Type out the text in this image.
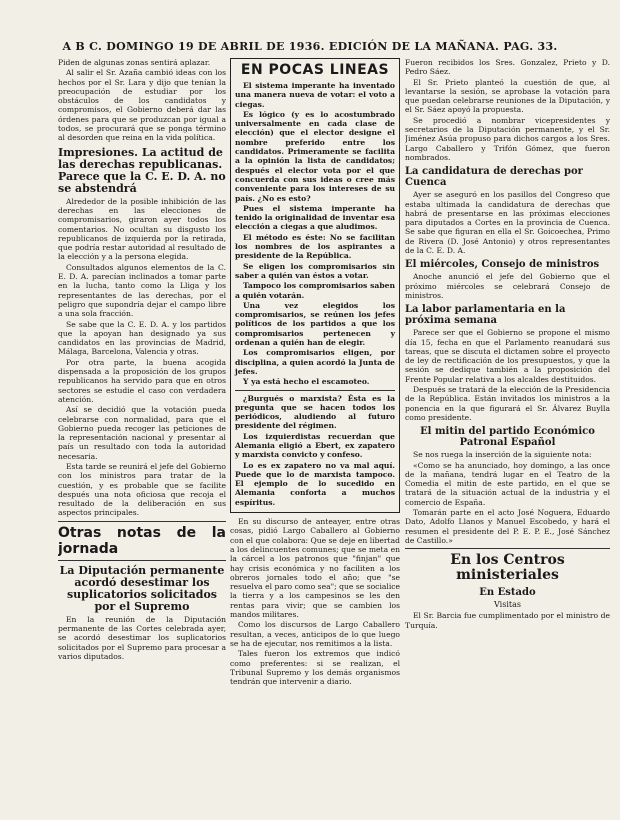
A B C. DOMINGO 19 DE ABRIL DE 1936. EDICIÓN DE LA MAÑANA. PAG. 33.

Piden de algunas zonas sentirá aplazar.

Al salir el Sr. Azaña cambió ideas con los hechos por el Sr. Lara y dijo que tenían la preocupación de estudiar por los obstáculos de los candidatos y compromisos, el Gobierno deberá dar las órdenes para que se produzcan por igual a todos, se procurará que se ponga término al desorden que reina en la vida política.

Impresiones. La actitud de las derechas republicanas. Parece que la C. E. D. A. no se abstendrá

Alrededor de la posible inhibición de las derechas en las elecciones de compromisarios, giraron ayer todos los comentarios. No ocultan su disgusto los republicanos de izquierda por la retirada, que podría restar autoridad al resultado de la elección y a la persona elegida.

Consultados algunos elementos de la C. E. D. A. parecían inclinados a tomar parte en la lucha, tanto como la Lliga y los representantes de las derechas, por el peligro que supondría dejar el campo libre a una sola fracción.

Se sabe que la C. E. D. A. y los partidos que la apoyan han designado ya sus candidatos en las provincias de Madrid, Málaga, Barcelona, Valencia y otras.

Por otra parte, la buena acogida dispensada a la proposición de los grupos republicanos ha servido para que en otros sectores se estudie el caso con verdadera atención.

Así se decidió que la votación pueda celebrarse con normalidad, para que el Gobierno pueda recoger las peticiones de la representación nacional y presentar al país un resultado con toda la autoridad necesaria.

Esta tarde se reunirá el jefe del Gobierno con los ministros para tratar de la cuestión, y es probable que se facilite después una nota oficiosa que recoja el resultado de la deliberación en sus aspectos principales.

Otras notas de la jornada
La Diputación permanente acordó desestimar los suplicatorios solicitados por el Supremo

En la reunión de la Diputación permanente de las Cortes celebrada ayer, se acordó desestimar los suplicatorios solicitados por el Supremo para procesar a varios diputados.

EN POCAS LINEAS

El sistema imperante ha inventado una manera nueva de votar: el voto a ciegas.

Es lógico (y es lo acostumbrado universalmente en cada clase de elección) que el elector designe el nombre preferido entre los candidatos. Primeramente se facilita a la opinión la lista de candidatos; después el elector vota por el que concuerda con sus ideas o cree más conveniente para los intereses de su país. ¿No es esto?

Pues el sistema imperante ha tenido la originalidad de inventar esa elección a ciegas a que aludimos.

El método es éste: No se facilitan los nombres de los aspirantes a presidente de la República.

Se eligen los compromisarios sin saber a quién van éstos a votar.

Tampoco los compromisarios saben a quién votarán.

Una vez elegidos los compromisarios, se reúnen los jefes políticos de los partidos a que los compromisarios pertenecen y ordenan a quién han de elegir.

Los compromisarios eligen, por disciplina, a quien acordó la Junta de jefes.

Y ya está hecho el escamoteo.

¿Burgués o marxista? Ésta es la pregunta que se hacen todos los periódicos, aludiendo al futuro presidente del régimen.

Los izquierdistas recuerdan que Alemania eligió a Ebert, ex zapatero y marxista convicto y confeso.

Lo es ex zapatero no va mal aquí. Puede que lo de marxista tampoco. El ejemplo de lo sucedido en Alemania conforta a muchos espíritus.

En su discurso de anteayer, entre otras cosas, pidió Largo Caballero al Gobierno con el que colabora: Que se deje en libertad a los delincuentes comunes; que se meta en la cárcel a los patronos que "finjan" que hay crisis económica y no faciliten a los obreros jornales todo el año; que "se resuelva el paro como sea"; que se socialice la tierra y a los campesinos se les den rentas para vivir; que se cambien los mandos militares.

Como los discursos de Largo Caballero resultan, a veces, anticipos de lo que luego se ha de ejecutar, nos remitimos a la lista.

Tales fueron los extremos que indicó como preferentes: si se realizan, el Tribunal Supremo y los demás organismos tendrán que intervenir a diario.

Fueron recibidos los Sres. Gonzalez, Prieto y D. Pedro Sáez.

El Sr. Prieto planteó la cuestión de que, al levantarse la sesión, se aprobase la votación para que puedan celebrarse reuniones de la Diputación, y el Sr. Sáez apoyó la propuesta.

Se procedió a nombrar vicepresidentes y secretarios de la Diputación permanente, y el Sr. Jiménez Asúa propuso para dichos cargos a los Sres. Largo Caballero y Trifón Gómez, que fueron nombrados.

La candidatura de derechas por Cuenca

Ayer se aseguró en los pasillos del Congreso que estaba ultimada la candidatura de derechas que habrá de presentarse en las próximas elecciones para diputados a Cortes en la provincia de Cuenca. Se sabe que figuran en ella el Sr. Goicoechea, Primo de Rivera (D. José Antonio) y otros representantes de la C. E. D. A.

El miércoles, Consejo de ministros

Anoche anunció el jefe del Gobierno que el próximo miércoles se celebrará Consejo de ministros.

La labor parlamentaria en la próxima semana

Parece ser que el Gobierno se propone el mismo día 15, fecha en que el Parlamento reanudará sus tareas, que se discuta el dictamen sobre el proyecto de ley de rectificación de los presupuestos, y que la sesión se dedique también a la proposición del Frente Popular relativa a los alcaldes destituidos.

Después se tratará de la elección de la Presidencia de la República. Están invitados los ministros a la ponencia en la que figurará el Sr. Álvarez Buylla como presidente.

El mitin del partido Económico Patronal Español

Se nos ruega la inserción de la siguiente nota:

«Como se ha anunciado, hoy domingo, a las once de la mañana, tendrá lugar en el Teatro de la Comedia el mitin de este partido, en el que se tratará de la situación actual de la industria y el comercio de España.

Tomarán parte en el acto José Noguera, Eduardo Dato, Adolfo Llanos y Manuel Escobedo, y hará el resumen el presidente del P. E. P. E., José Sánchez de Castillo.»

En los Centros ministeriales
En Estado
Visitas

El Sr. Barcia fue cumplimentado por el ministro de Turquía.
